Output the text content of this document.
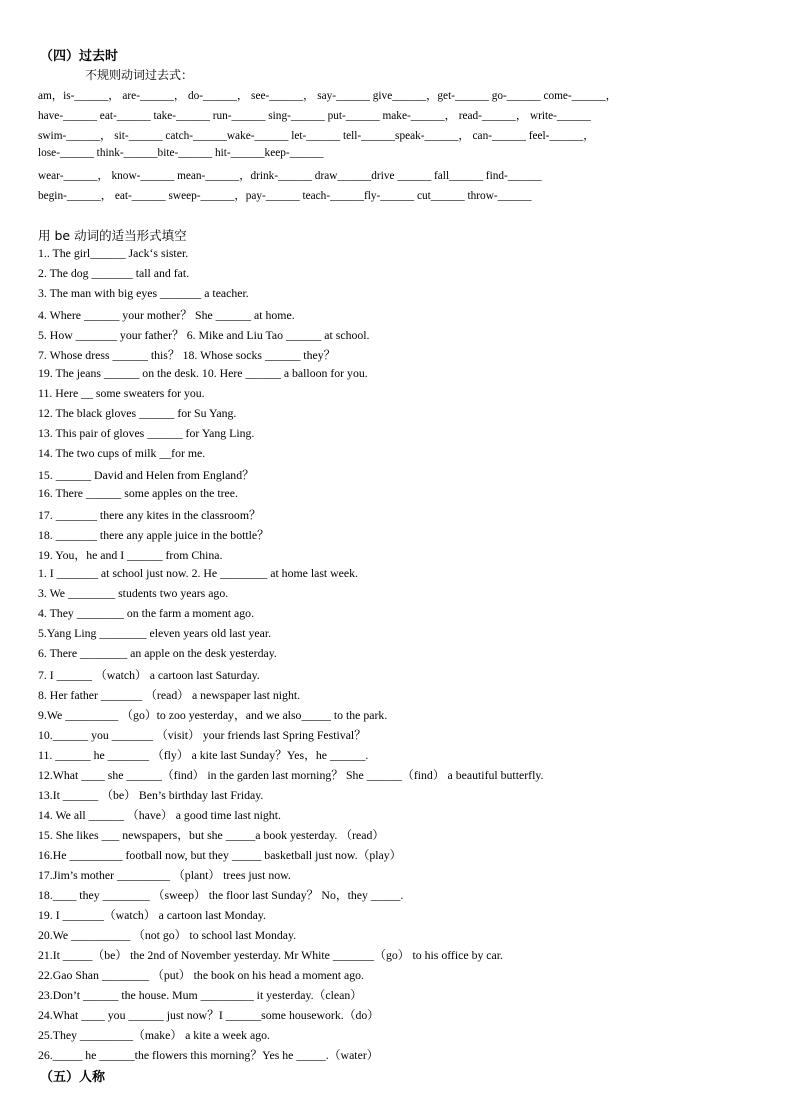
（四）过去时
不规则动词过去式：
am，is-______， are-______， do-______， see-______， say-______ give______，get-______ go-______ come-______，
have-______ eat-______ take-______ run-______ sing-______ put-______ make-______， read-______， write-______
swim-______， sit-______ catch-______wake-______ let-______ tell-______speak-______， can-______ feel-______，
lose-______ think-______bite-______ hit-______keep-______
wear-______， know-______ mean-______，drink-______ draw______drive ______ fall______ find-______
begin-______， eat-______ sweep-______，pay-______ teach-______fly-______ cut______ throw-______
用 be 动词的适当形式填空
1.. The girl______ Jack‘s sister.
2. The dog _______ tall and fat.
3. The man with big eyes _______ a teacher.
4. Where ______ your mother？ She ______ at home.
5. How _______ your father？ 6. Mike and Liu Tao ______ at school.
7. Whose dress ______ this？ 18. Whose socks ______ they？
19. The jeans ______ on the desk. 10. Here ______ a balloon for you.
11. Here __ some sweaters for you.
12. The black gloves ______ for Su Yang.
13. This pair of gloves ______ for Yang Ling.
14. The two cups of milk __for me.
15. ______ David and Helen from England？
16. There ______ some apples on the tree.
17. _______ there any kites in the classroom？
18. _______ there any apple juice in the bottle？
19. You，he and I ______ from China.
1. I _______ at school just now. 2. He ________ at home last week.
3. We ________ students two years ago.
4. They ________ on the farm a moment ago.
5.Yang Ling ________ eleven years old last year.
6. There ________ an apple on the desk yesterday.
7. I ______ （watch） a cartoon last Saturday.
8. Her father _______ （read） a newspaper last night.
9.We _________ （go）to zoo yesterday，and we also_____ to the park.
10.______ you _______ （visit） your friends last Spring Festival？
11. ______ he _______ （fly） a kite last Sunday？Yes，he ______.
12.What ____ she ______（find） in the garden last morning？ She ______（find） a beautiful butterfly.
13.It ______ （be） Ben’s birthday last Friday.
14. We all ______ （have） a good time last night.
15. She likes ___ newspapers，but she _____a book yesterday. （read）
16.He _________ football now, but they _____ basketball just now.（play）
17.Jim’s mother _________ （plant） trees just now.
18.____ they ________ （sweep） the floor last Sunday？ No，they _____.
19. I _______（watch） a cartoon last Monday.
20.We __________ （not go） to school last Monday.
21.It _____（be） the 2nd of November yesterday. Mr White _______（go） to his office by car.
22.Gao Shan ________ （put） the book on his head a moment ago.
23.Don’t ______ the house. Mum _________ it yesterday.（clean）
24.What ____ you ______ just now？I ______some housework.（do）
25.They _________（make） a kite a week ago.
26._____ he ______the flowers this morning？Yes he _____.（water）
（五）人称
